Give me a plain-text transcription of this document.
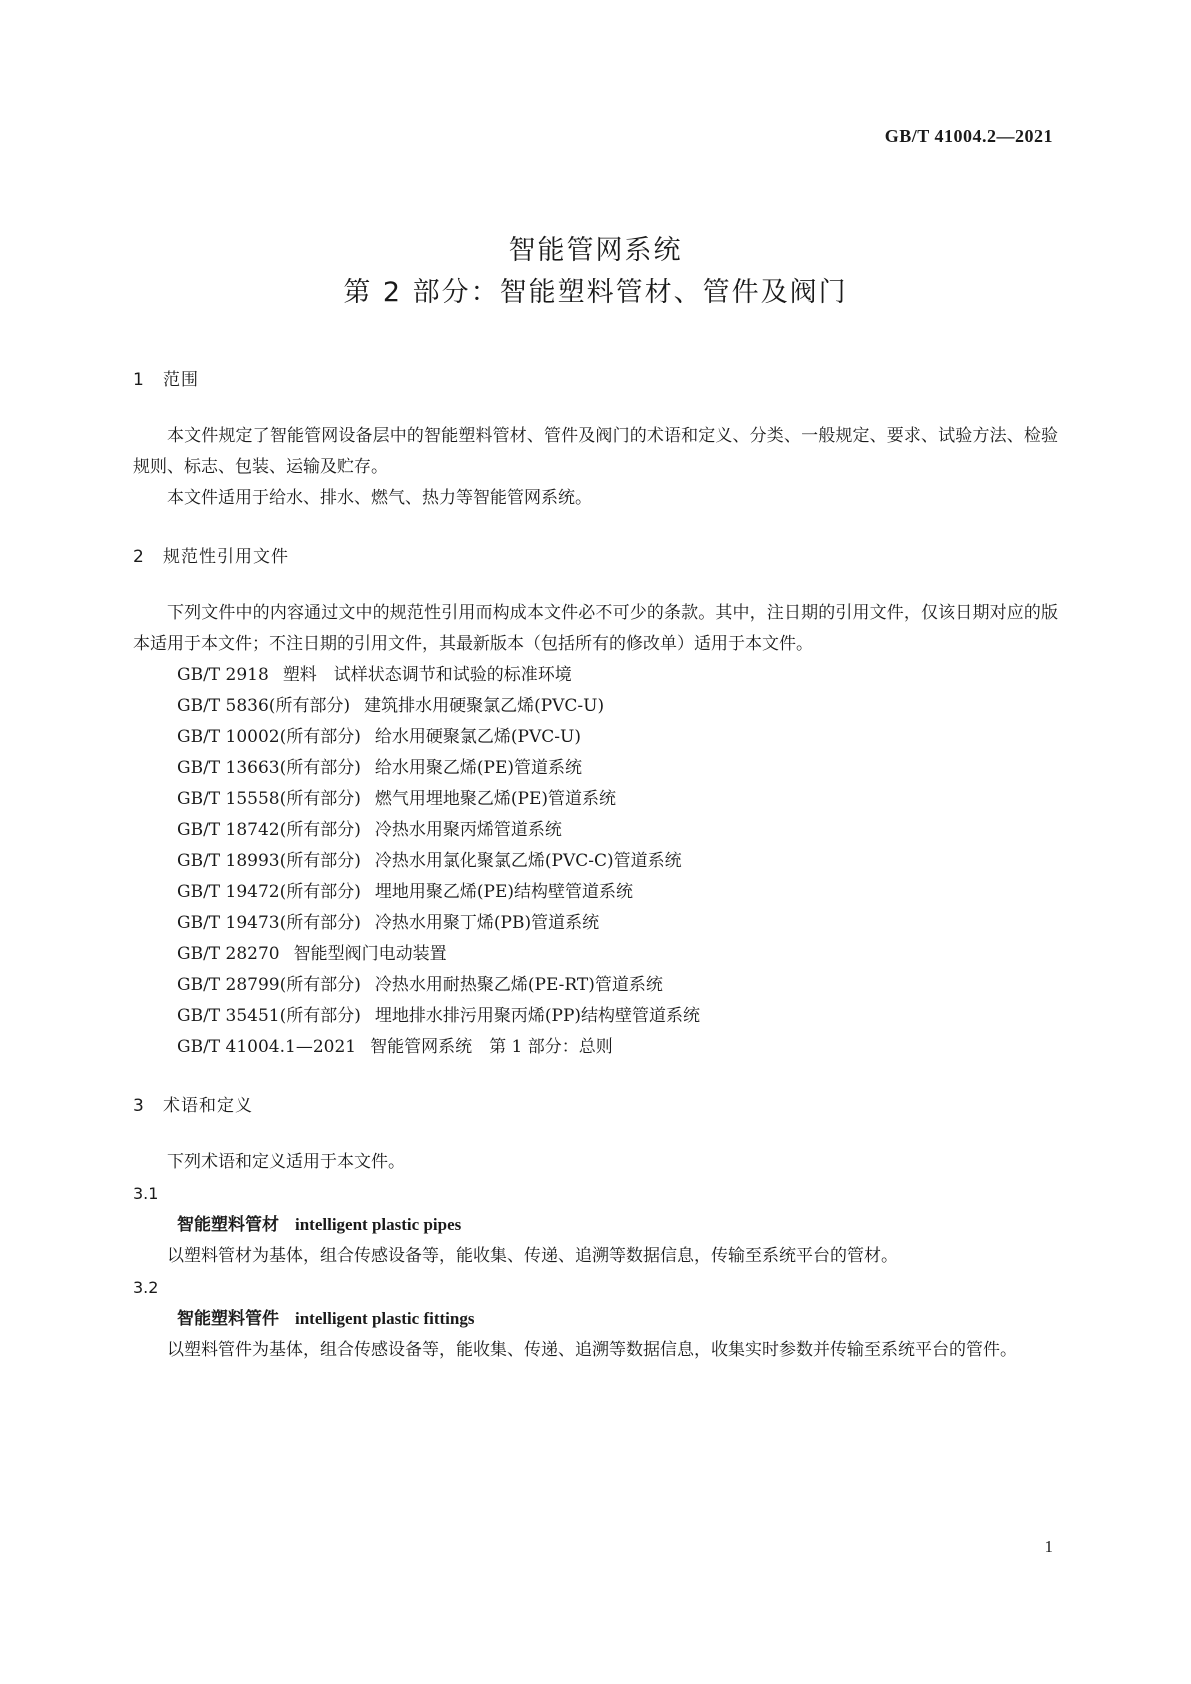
GB/T 41004.2—2021
智能管网系统
第 2 部分：智能塑料管材、管件及阀门
1	范围

本文件规定了智能管网设备层中的智能塑料管材、管件及阀门的术语和定义、分类、一般规定、要求、试验方法、检验规则、标志、包装、运输及贮存。

本文件适用于给水、排水、燃气、热力等智能管网系统。

2	规范性引用文件

下列文件中的内容通过文中的规范性引用而构成本文件必不可少的条款。其中，注日期的引用文件，仅该日期对应的版本适用于本文件；不注日期的引用文件，其最新版本（包括所有的修改单）适用于本文件。

GB/T 2918 塑料　试样状态调节和试验的标准环境
GB/T 5836(所有部分) 建筑排水用硬聚氯乙烯(PVC-U)
GB/T 10002(所有部分) 给水用硬聚氯乙烯(PVC-U)
GB/T 13663(所有部分) 给水用聚乙烯(PE)管道系统
GB/T 15558(所有部分) 燃气用埋地聚乙烯(PE)管道系统
GB/T 18742(所有部分) 冷热水用聚丙烯管道系统
GB/T 18993(所有部分) 冷热水用氯化聚氯乙烯(PVC-C)管道系统
GB/T 19472(所有部分) 埋地用聚乙烯(PE)结构壁管道系统
GB/T 19473(所有部分) 冷热水用聚丁烯(PB)管道系统
GB/T 28270 智能型阀门电动装置
GB/T 28799(所有部分) 冷热水用耐热聚乙烯(PE-RT)管道系统
GB/T 35451(所有部分) 埋地排水排污用聚丙烯(PP)结构壁管道系统
GB/T 41004.1—2021 智能管网系统　第 1 部分：总则
3	术语和定义

下列术语和定义适用于本文件。

3.1
智能塑料管材 intelligent plastic pipes

以塑料管材为基体，组合传感设备等，能收集、传递、追溯等数据信息，传输至系统平台的管材。

3.2
智能塑料管件 intelligent plastic fittings

以塑料管件为基体，组合传感设备等，能收集、传递、追溯等数据信息，收集实时参数并传输至系统平台的管件。

1
